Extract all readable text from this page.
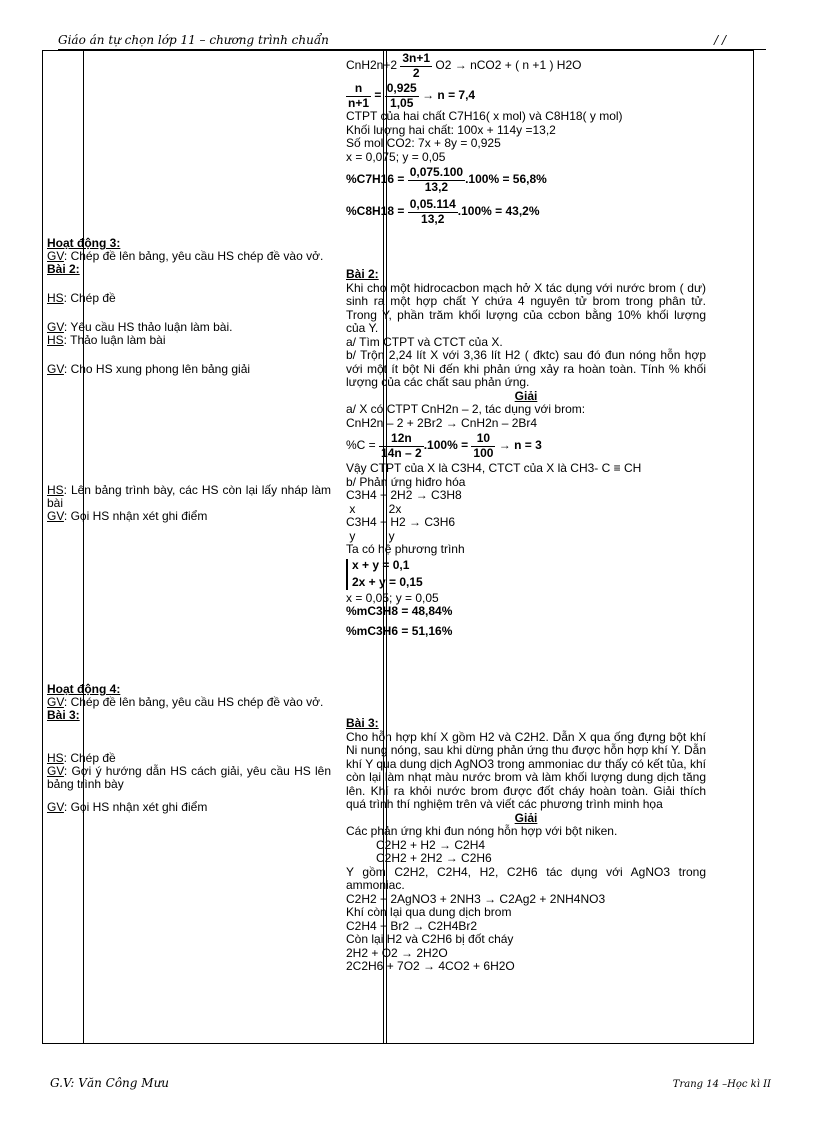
Giáo án tự chọn lớp 11 – chương trình chuẩn	/ /
Hoạt động 3:
GV: Chép đề lên bảng, yêu cầu HS chép đề vào vở.
Bài 2:
HS: Chép đề
GV: Yêu cầu HS thảo luận làm bài.
HS: Thảo luận làm bài
GV: Cho HS xung phong lên bảng giải
HS: Lên bảng trình bày, các HS còn lại lấy nháp làm bài
GV: Gọi HS nhận xét ghi điểm
Hoạt động 4:
GV: Chép đề lên bảng, yêu cầu HS chép đề vào vở.
Bài 3:
HS: Chép đề
GV: Gợi ý hướng dẫn HS cách giải, yêu cầu HS lên bảng trình bày
GV: Gọi HS nhận xét ghi điểm
$CnH2n+2 \frac{3n+1}{2} O2 \to nCO2$ + ( n +1 ) H2O
$\frac{n}{n+1} = \frac{0,925}{1,05} \to n = 7,4$
CTPT của hai chất C7H16( x mol) và C8H18( y mol)
Khối lượng hai chất: 100x + 114y =13,2
Số mol CO2: 7x + 8y = 0,925
x = 0,075; y = 0,05
$\%C7H16 = \frac{0,075.100}{13,2} .100\% = 56,8\%$
$\%C8H18 = \frac{0,05.114}{13,2} .100\% = 43,2\%$
Bài 2:
Khi cho một hidrocacbon mạch hở X tác dụng với nước brom ( dư) sinh ra một hợp chất Y chứa 4 nguyên tử brom trong phân tử. Trong Y, phần trăm khối lượng của ccbon bằng 10% khối lượng của Y.
a/ Tìm CTPT và CTCT của X.
b/ Trộn 2,24 lít X với 3,36 lít H2 ( đktc) sau đó đun nóng hỗn hợp với một ít bột Ni đến khi phản ứng xảy ra hoàn toàn. Tính % khối lượng của các chất sau phản ứng.
Giải
a/ X có CTPT CnH2n – 2, tác dụng với brom:
CnH2n – 2 + 2Br2 → CnH2n – 2Br4
$\%C = \frac{12n}{14n - 2} .100\% = \frac{10}{100} \to n = 3$
Vậy CTPT của X là C3H4, CTCT của X là CH3- C ≡ CH
b/ Phản ứng hiđro hóa
C3H4 + 2H2 → C3H8
x          2x
C3H4 + H2 → C3H6
y          y
Ta có hệ phương trình
x + y = 0,1
2x + y = 0,15
x = 0,05; y = 0,05
%mC3H8 = 48,84%
%mC3H6 = 51,16%
Bài 3:
Cho hỗn hợp khí X gồm H2 và C2H2. Dẫn X qua ống đựng bột khí Ni nung nóng, sau khi dừng phản ứng thu được hỗn hợp khí Y. Dẫn khí Y qua dung dịch AgNO3 trong ammoniac dư thấy có kết tủa, khí còn lại làm nhạt màu nước brom và làm khối lượng dung dịch tăng lên. Khí ra khỏi nước brom được đốt cháy hoàn toàn. Giải thích quá trình thí nghiệm trên và viết các phương trình minh họa
Giải
Các phản ứng khi đun nóng hỗn hợp với bột niken.
C2H2 + H2 → C2H4
C2H2 + 2H2 → C2H6
Y gồm C2H2, C2H4, H2, C2H6 tác dụng với AgNO3 trong ammoniac.
C2H2 + 2AgNO3 + 2NH3 → C2Ag2 + 2NH4NO3
Khí còn lại qua dung dịch brom
C2H4 + Br2 → C2H4Br2
Còn lại H2 và C2H6 bị đốt cháy
2H2 + O2 → 2H2O
2C2H6 + 7O2 → 4CO2 + 6H2O
G.V: Văn Công Mưu	Trang 14 –Học kì II
